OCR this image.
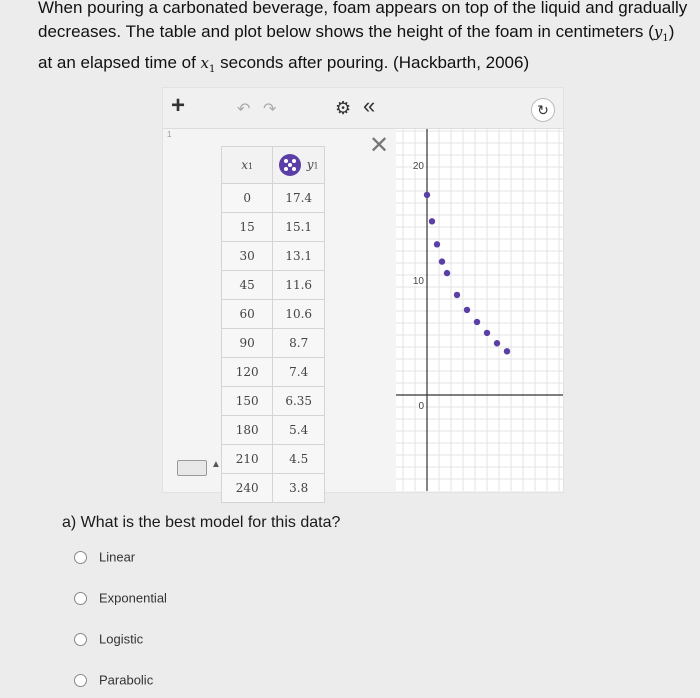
When pouring a carbonated beverage, foam appears on top of the liquid and gradually decreases. The table and plot below shows the height of the foam in centimeters $(y_1)$ at an elapsed time of $x_1$ seconds after pouring. (Hackbarth, 2006)
+	↶ ↷	⚙ «	↻
1	✕
x1	y1
0	17.4
15	15.1
30	13.1
45	11.6
60	10.6
90	8.7
120	7.4
150	6.35
180	5.4
210	4.5
240	3.8
▲
20
10
0
a) What is the best model for this data?
Linear
Exponential
Logistic
Parabolic
